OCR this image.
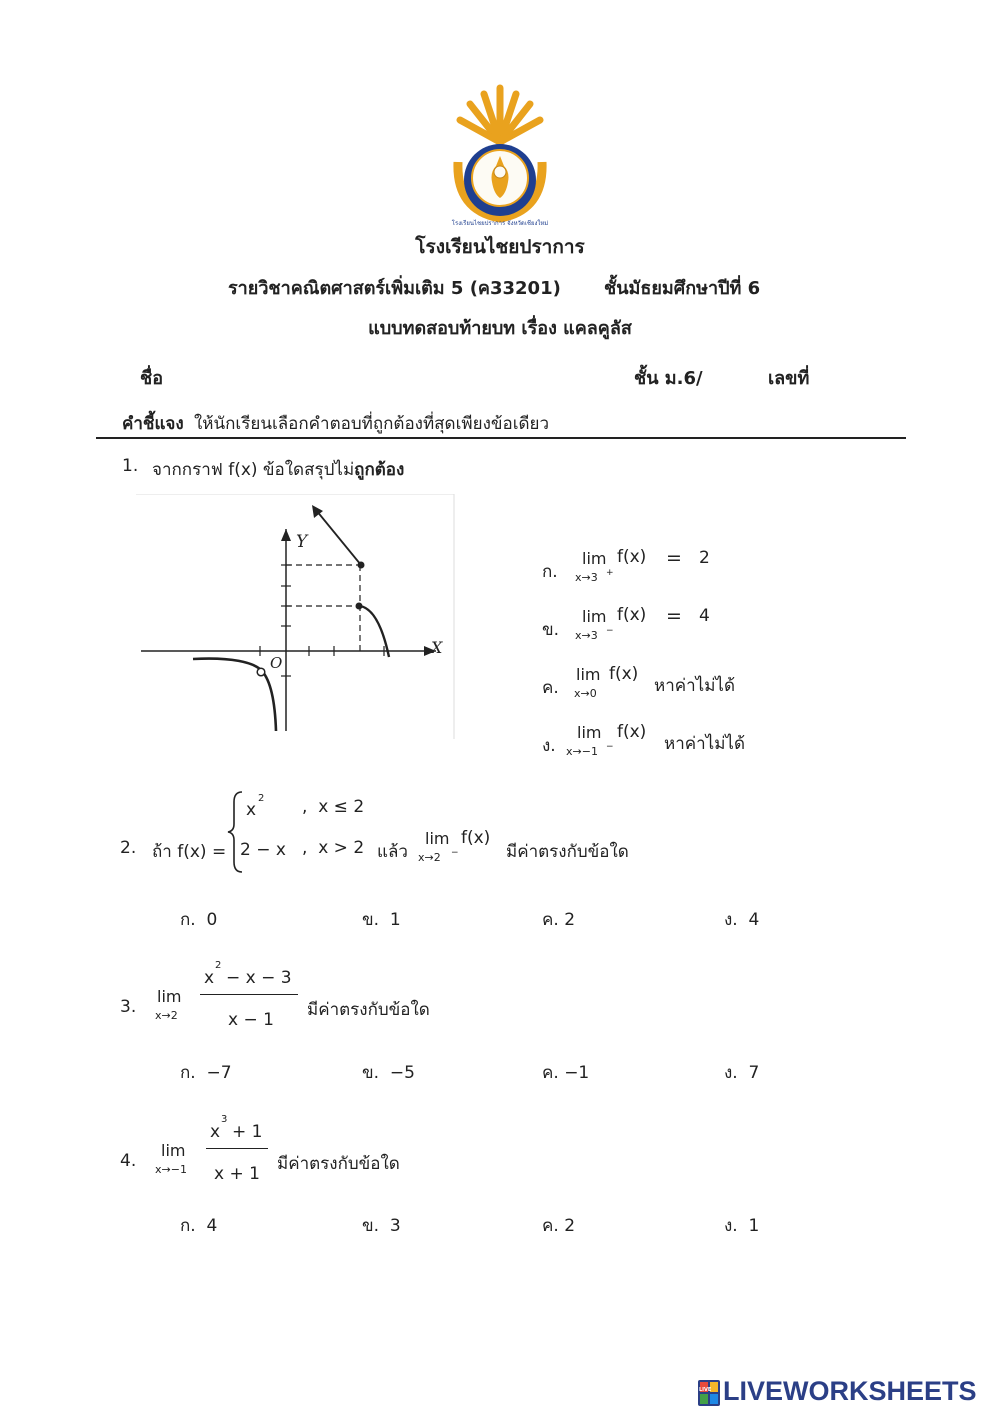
โรงเรียนไชยปราการ จังหวัดเชียงใหม่
โรงเรียนไชยปราการ
รายวิชาคณิตศาสตร์เพิ่มเติม 5 (ค33201) ชั้นมัธยมศึกษาปีที่ 6
แบบทดสอบท้ายบท เรื่อง แคลคูลัส
ชื่อ	ชั้น ม.6/	เลขที่
คำชี้แจง ให้นักเรียนเลือกคำตอบที่ถูกต้องที่สุดเพียงข้อเดียว
1. จากกราฟ f(x) ข้อใดสรุปไม่ถูกต้อง
Y
X
O
ก.
lim
x→3 +
f(x) = 2
ข.
lim
x→3 −
f(x) = 4
ค.
lim
x→0
f(x)
หาค่าไม่ได้
ง.
lim
x→−1 −
f(x)
หาค่าไม่ได้
2. ถ้า f(x) =
x
2 ,  x ≤ 2
2 − x ,  x > 2 แล้ว
lim
x→2 −
f(x)
มีค่าตรงกับข้อใด
ก. 0	ข. 1	ค. 2	ง. 4
3.
lim
x→2
x
2
− x − 3
x − 1 มีค่าตรงกับข้อใด
ก. −7	ข. −5	ค. −1	ง. 7
4.
lim
x→−1
x
3
+ 1
x + 1 มีค่าตรงกับข้อใด
ก. 4	ข. 3	ค. 2	ง. 1
LIVE LIVEWORKSHEETS
